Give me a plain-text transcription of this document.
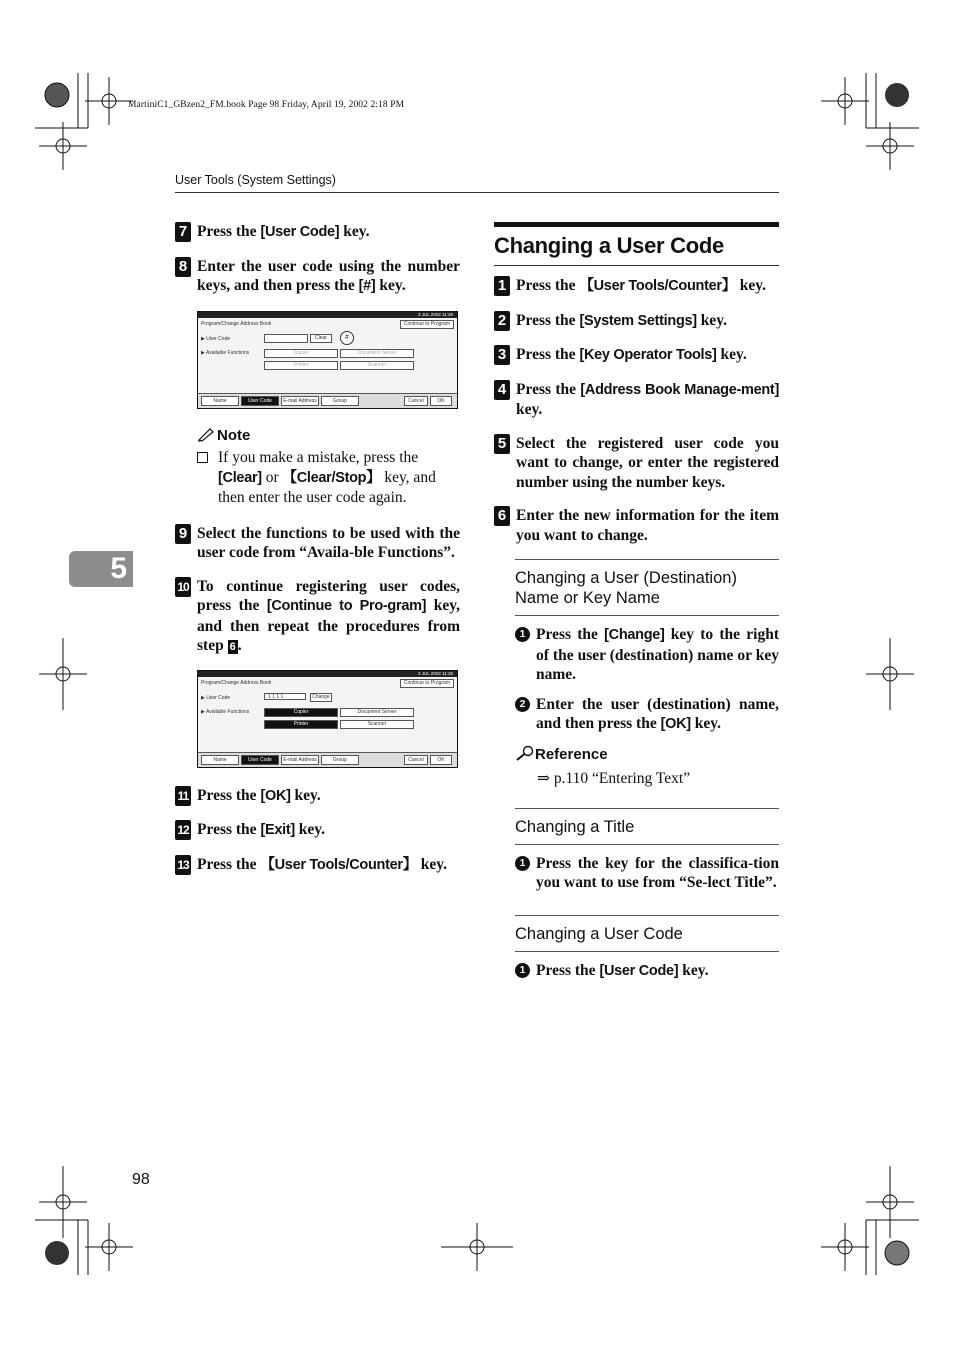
MartiniC1_GBzen2_FM.book Page 98 Friday, April 19, 2002 2:18 PM
User Tools (System Settings)
5
7 Press the [User Code] key.
8 Enter the user code using the number keys, and then press the [#] key.
3 JUL 2002 11:26
Program/Change Address Book	Continue to Program
▶ User Code	Clear	#
▶ Available Functions	Copier	Document Server
Printer	Scanner
Name	User Code	E-mail Address	Group	Cancel	OK
Note
If you make a mistake, press the [Clear] or 【Clear/Stop】 key, and then enter the user code again.
9 Select the functions to be used with the user code from “Availa-ble Functions”.
10 To continue registering user codes, press the [Continue to Pro-gram] key, and then repeat the procedures from step 6 .
3 JUL 2002 11:26
Program/Change Address Book	Continue to Program
▶ User Code	1 1 1 1	Change
▶ Available Functions	Copier	Document Server
Printer	Scanner
Name	User Code	E-mail Address	Group	Cancel	OK
11 Press the [OK] key.
12 Press the [Exit] key.
13 Press the 【User Tools/Counter】 key.
Changing a User Code
1 Press the 【User Tools/Counter】 key.
2 Press the [System Settings] key.
3 Press the [Key Operator Tools] key.
4 Press the [Address Book Manage-ment] key.
5 Select the registered user code you want to change, or enter the registered number using the number keys.
6 Enter the new information for the item you want to change.
Changing a User (Destination) Name or Key Name
1 Press the [Change] key to the right of the user (destination) name or key name.
2 Enter the user (destination) name, and then press the [OK] key.
Reference
⇒ p.110 “Entering Text”
Changing a Title
1 Press the key for the classifica-tion you want to use from “Se-lect Title”.
Changing a User Code
1 Press the [User Code] key.
98
